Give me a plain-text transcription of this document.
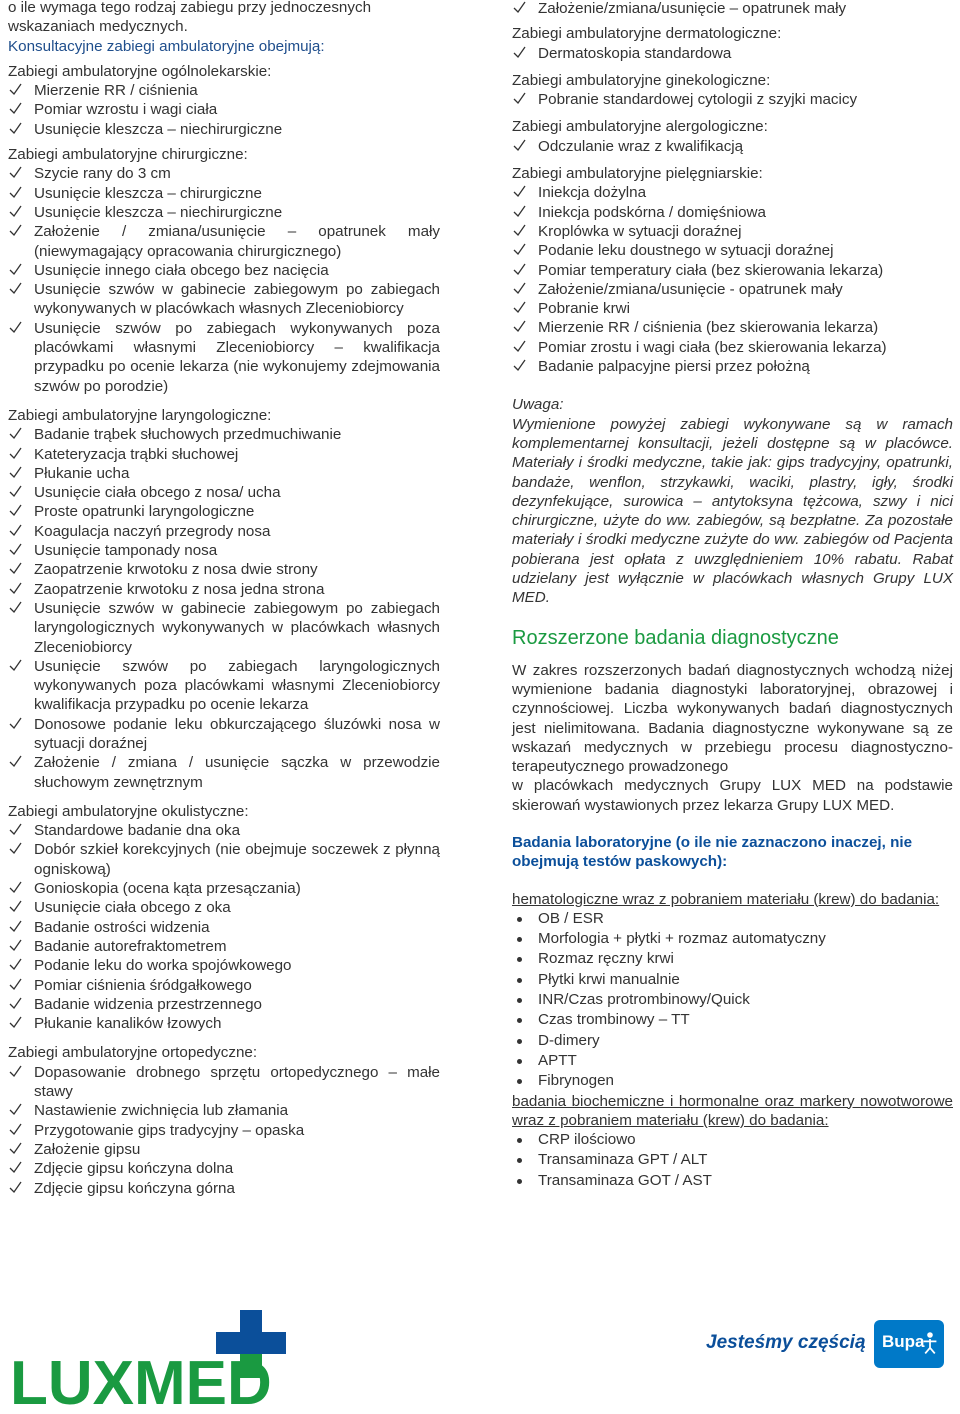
o ile wymaga tego rodzaj zabiegu przy jednoczesnych

wskazaniach medycznych.

Konsultacyjne zabiegi ambulatoryjne obejmują:

Zabiegi ambulatoryjne ogólnolekarskie:

Mierzenie RR / ciśnienia
Pomiar wzrostu i wagi ciała
Usunięcie kleszcza – niechirurgiczne

Zabiegi ambulatoryjne chirurgiczne:

Szycie rany do 3 cm
Usunięcie kleszcza – chirurgiczne
Usunięcie kleszcza – niechirurgiczne
Założenie / zmiana/usunięcie – opatrunek mały (niewymagający opracowania chirurgicznego)
Usunięcie innego ciała obcego bez nacięcia
Usunięcie szwów w gabinecie zabiegowym po zabiegach wykonywanych w placówkach własnych Zleceniobiorcy
Usunięcie szwów po zabiegach wykonywanych poza placówkami własnymi Zleceniobiorcy – kwalifikacja przypadku po ocenie lekarza (nie wykonujemy zdejmowania szwów po porodzie)

Zabiegi ambulatoryjne laryngologiczne:

Badanie trąbek słuchowych przedmuchiwanie
Kateteryzacja trąbki słuchowej
Płukanie ucha
Usunięcie ciała obcego z nosa/ ucha
Proste opatrunki laryngologiczne
Koagulacja naczyń przegrody nosa
Usunięcie tamponady nosa
Zaopatrzenie krwotoku z nosa dwie strony
Zaopatrzenie krwotoku z nosa jedna strona
Usunięcie szwów w gabinecie zabiegowym po zabiegach laryngologicznych wykonywanych w placówkach własnych Zleceniobiorcy
Usunięcie szwów po zabiegach laryngologicznych wykonywanych poza placówkami własnymi Zleceniobiorcy kwalifikacja przypadku po ocenie lekarza
Donosowe podanie leku obkurczającego śluzówki nosa w sytuacji doraźnej
Założenie / zmiana / usunięcie sączka w przewodzie słuchowym zewnętrznym

Zabiegi ambulatoryjne okulistyczne:

Standardowe badanie dna oka
Dobór szkieł korekcyjnych (nie obejmuje soczewek z płynną ogniskową)
Gonioskopia (ocena kąta przesączania)
Usunięcie ciała obcego z oka
Badanie ostrości widzenia
Badanie autorefraktometrem
Podanie leku do worka spojówkowego
Pomiar ciśnienia śródgałkowego
Badanie widzenia przestrzennego
Płukanie kanalików łzowych

Zabiegi ambulatoryjne ortopedyczne:

Dopasowanie drobnego sprzętu ortopedycznego – małe stawy
Nastawienie zwichnięcia lub złamania
Przygotowanie gips tradycyjny – opaska
Założenie gipsu
Zdjęcie gipsu kończyna dolna
Zdjęcie gipsu kończyna górna
Założenie/zmiana/usunięcie – opatrunek mały

Zabiegi ambulatoryjne dermatologiczne:

Dermatoskopia standardowa

Zabiegi ambulatoryjne ginekologiczne:

Pobranie standardowej cytologii z szyjki macicy

Zabiegi ambulatoryjne alergologiczne:

Odczulanie wraz z kwalifikacją

Zabiegi ambulatoryjne pielęgniarskie:

Iniekcja dożylna
Iniekcja podskórna / domięśniowa
Kroplówka w sytuacji doraźnej
Podanie leku doustnego w sytuacji doraźnej
Pomiar temperatury ciała (bez skierowania lekarza)
Założenie/zmiana/usunięcie - opatrunek mały
Pobranie krwi
Mierzenie RR / ciśnienia (bez skierowania lekarza)
Pomiar zrostu i wagi ciała (bez skierowania lekarza)
Badanie palpacyjne piersi przez położną

Uwaga:

Wymienione powyżej zabiegi wykonywane są w ramach komplementarnej konsultacji, jeżeli dostępne są w placówce. Materiały i środki medyczne, takie jak: gips tradycyjny, opatrunki, bandaże, wenflon, strzykawki, waciki, plastry, igły, środki dezynfekujące, surowica – antytoksyna tężcowa, szwy i nici chirurgiczne, użyte do ww. zabiegów, są bezpłatne. Za pozostałe materiały i środki medyczne zużyte do ww. zabiegów od Pacjenta pobierana jest opłata z uwzględnieniem 10% rabatu. Rabat udzielany jest wyłącznie w placówkach własnych Grupy LUX MED.

Rozszerzone badania diagnostyczne

W zakres rozszerzonych badań diagnostycznych wchodzą niżej wymienione badania diagnostyki laboratoryjnej, obrazowej i czynnościowej. Liczba wykonywanych badań diagnostycznych jest nielimitowana. Badania diagnostyczne wykonywane są ze wskazań medycznych w przebiegu procesu diagnostyczno-terapeutycznego prowadzonego

w placówkach medycznych Grupy LUX MED na podstawie skierowań wystawionych przez lekarza Grupy LUX MED.

Badania laboratoryjne (o ile nie zaznaczono inaczej, nie obejmują testów paskowych):

hematologiczne wraz z pobraniem materiału (krew) do badania:

OB / ESR
Morfologia + płytki + rozmaz automatyczny
Rozmaz ręczny krwi
Płytki krwi manualnie
INR/Czas protrombinowy/Quick
Czas trombinowy – TT
D-dimery
APTT
Fibrynogen

badania biochemiczne i hormonalne oraz markery nowotworowe wraz z pobraniem materiału (krew) do badania:

CRP ilościowo
Transaminaza GPT / ALT
Transaminaza GOT / AST
LUXMED
Jesteśmy częścią Bupa
